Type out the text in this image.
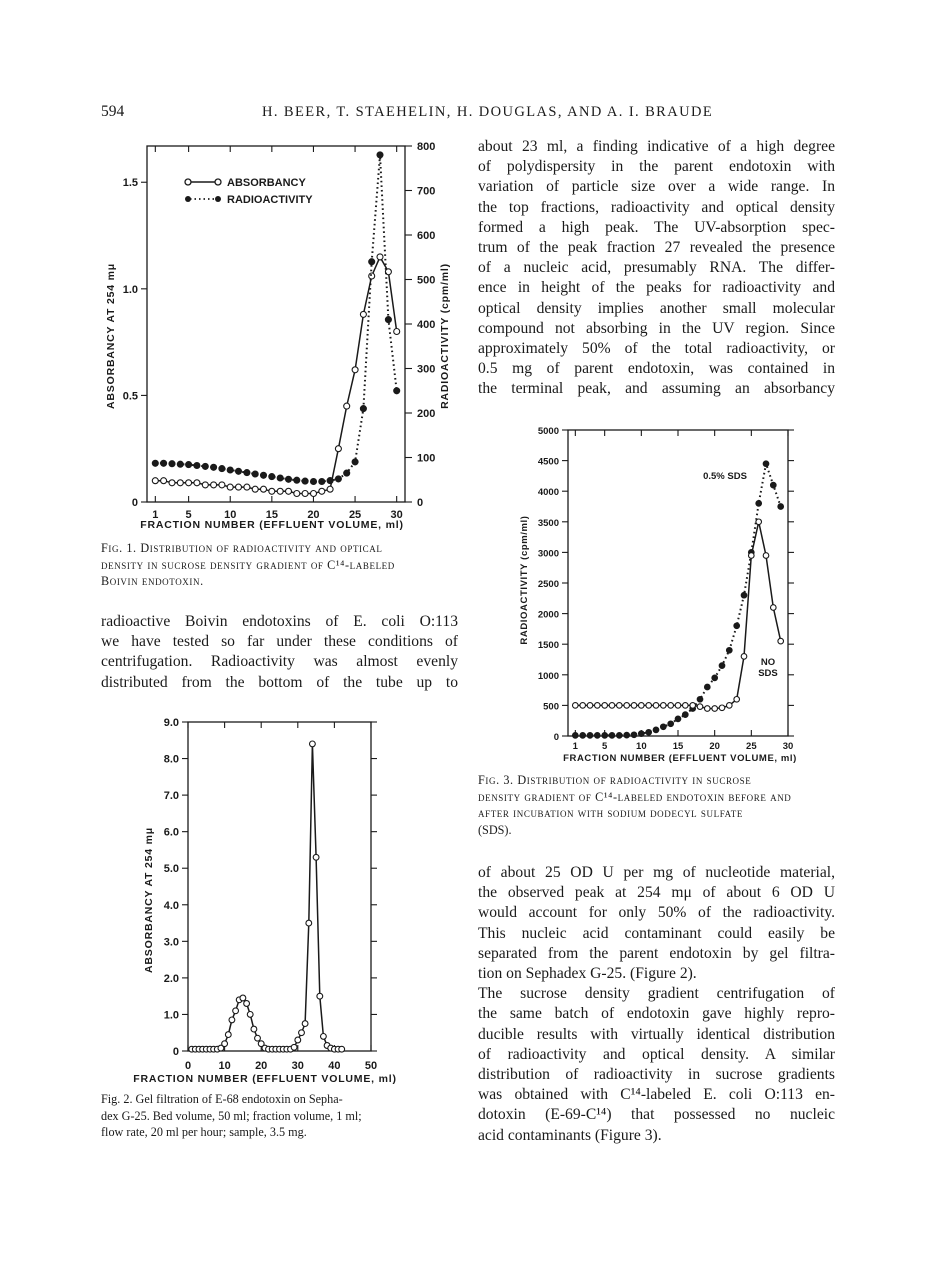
594	H. BEER, T. STAEHELIN, H. DOUGLAS, AND A. I. BRAUDE
0
0.5
1.0
1.5
0
100
200
300
400
500
600
700
800
1 5	10	15	20	25	30
ABSORBANCY
RADIOACTIVITY
ABSORBANCY AT 254 mμ	RADIOACTIVITY (cpm/ml)
FRACTION NUMBER (EFFLUENT VOLUME, ml)
Fig. 1. Distribution of radioactivity and optical
density in sucrose density gradient of C¹⁴-labeled
Boivin endotoxin.
radioactive Boivin endotoxins of E. coli O:113
we have tested so far under these conditions of
centrifugation. Radioactivity was almost evenly
distributed from the bottom of the tube up to
0
1.0
2.0
3.0
4.0
5.0
6.0
7.0
8.0
9.0
0 10 20 30 40 50
ABSORBANCY AT 254 mμ
FRACTION NUMBER (EFFLUENT VOLUME, ml)
Fig. 2. Gel filtration of E-68 endotoxin on Sepha-
dex G-25. Bed volume, 50 ml; fraction volume, 1 ml;
flow rate, 20 ml per hour; sample, 3.5 mg.
about 23 ml, a finding indicative of a high degree
of polydispersity in the parent endotoxin with
variation of particle size over a wide range. In
the top fractions, radioactivity and optical density
formed a high peak. The UV-absorption spec-
trum of the peak fraction 27 revealed the presence
of a nucleic acid, presumably RNA. The differ-
ence in height of the peaks for radioactivity and
optical density implies another small molecular
compound not absorbing in the UV region. Since
approximately 50% of the total radioactivity, or
0.5 mg of parent endotoxin, was contained in
the terminal peak, and assuming an absorbancy
0
500
1000
1500
2000
2500
3000
3500
4000
4500
5000
1	5	10	15	20	25	30
0.5% SDS
NO
SDS
RADIOACTIVITY (cpm/ml)
FRACTION NUMBER (EFFLUENT VOLUME, ml)
Fig. 3. Distribution of radioactivity in sucrose
density gradient of C¹⁴-labeled endotoxin before and
after incubation with sodium dodecyl sulfate
(SDS).
of about 25 OD U per mg of nucleotide material,
the observed peak at 254 mμ of about 6 OD U
would account for only 50% of the radioactivity.
This nucleic acid contaminant could easily be
separated from the parent endotoxin by gel filtra-
tion on Sephadex G-25. (Figure 2).
The sucrose density gradient centrifugation of
the same batch of endotoxin gave highly repro-
ducible results with virtually identical distribution
of radioactivity and optical density. A similar
distribution of radioactivity in sucrose gradients
was obtained with C¹⁴-labeled E. coli O:113 en-
dotoxin (E-69-C¹⁴) that possessed no nucleic
acid contaminants (Figure 3).
